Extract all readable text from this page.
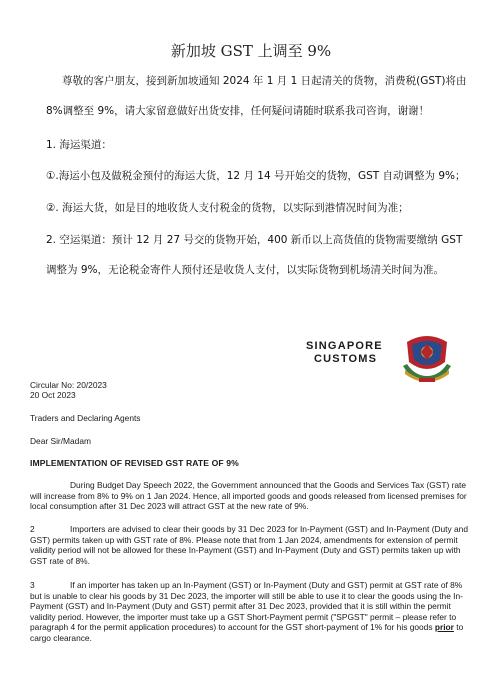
新加坡 GST 上调至 9%
尊敬的客户朋友，接到新加坡通知 2024 年 1 月 1 日起清关的货物，消费税(GST)将由
8%调整至 9%，请大家留意做好出货安排，任何疑问请随时联系我司咨询，谢谢！
1. 海运渠道：
①.海运小包及做税金预付的海运大货，12 月 14 号开始交的货物，GST 自动调整为 9%；
②. 海运大货，如是目的地收货人支付税金的货物，以实际到港情况时间为准；
2. 空运渠道：预计 12 月 27 号交的货物开始，400 新币以上高货值的货物需要缴纳 GST
调整为 9%，无论税金寄件人预付还是收货人支付，以实际货物到机场清关时间为准。
SINGAPORE
CUSTOMS
Circular No: 20/2023
20 Oct 2023
Traders and Declaring Agents
Dear Sir/Madam
IMPLEMENTATION OF REVISED GST RATE OF 9%
During Budget Day Speech 2022, the Government announced that the Goods and Services Tax (GST) rate will increase from 8% to 9% on 1 Jan 2024. Hence, all imported goods and goods released from licensed premises for local consumption after 31 Dec 2023 will attract GST at the new rate of 9%.
2	Importers are advised to clear their goods by 31 Dec 2023 for In-Payment (GST) and In-Payment (Duty and GST) permits taken up with GST rate of 8%. Please note that from 1 Jan 2024, amendments for extension of permit validity period will not be allowed for these In-Payment (GST) and In-Payment (Duty and GST) permits taken up with GST rate of 8%.
3	If an importer has taken up an In-Payment (GST) or In-Payment (Duty and GST) permit at GST rate of 8% but is unable to clear his goods by 31 Dec 2023, the importer will still be able to use it to clear the goods using the In-Payment (GST) and In-Payment (Duty and GST) permit after 31 Dec 2023, provided that it is still within the permit validity period. However, the importer must take up a GST Short-Payment permit ("SPGST" permit – please refer to paragraph 4 for the permit application procedures) to account for the GST short-payment of 1% for his goods prior to cargo clearance.
